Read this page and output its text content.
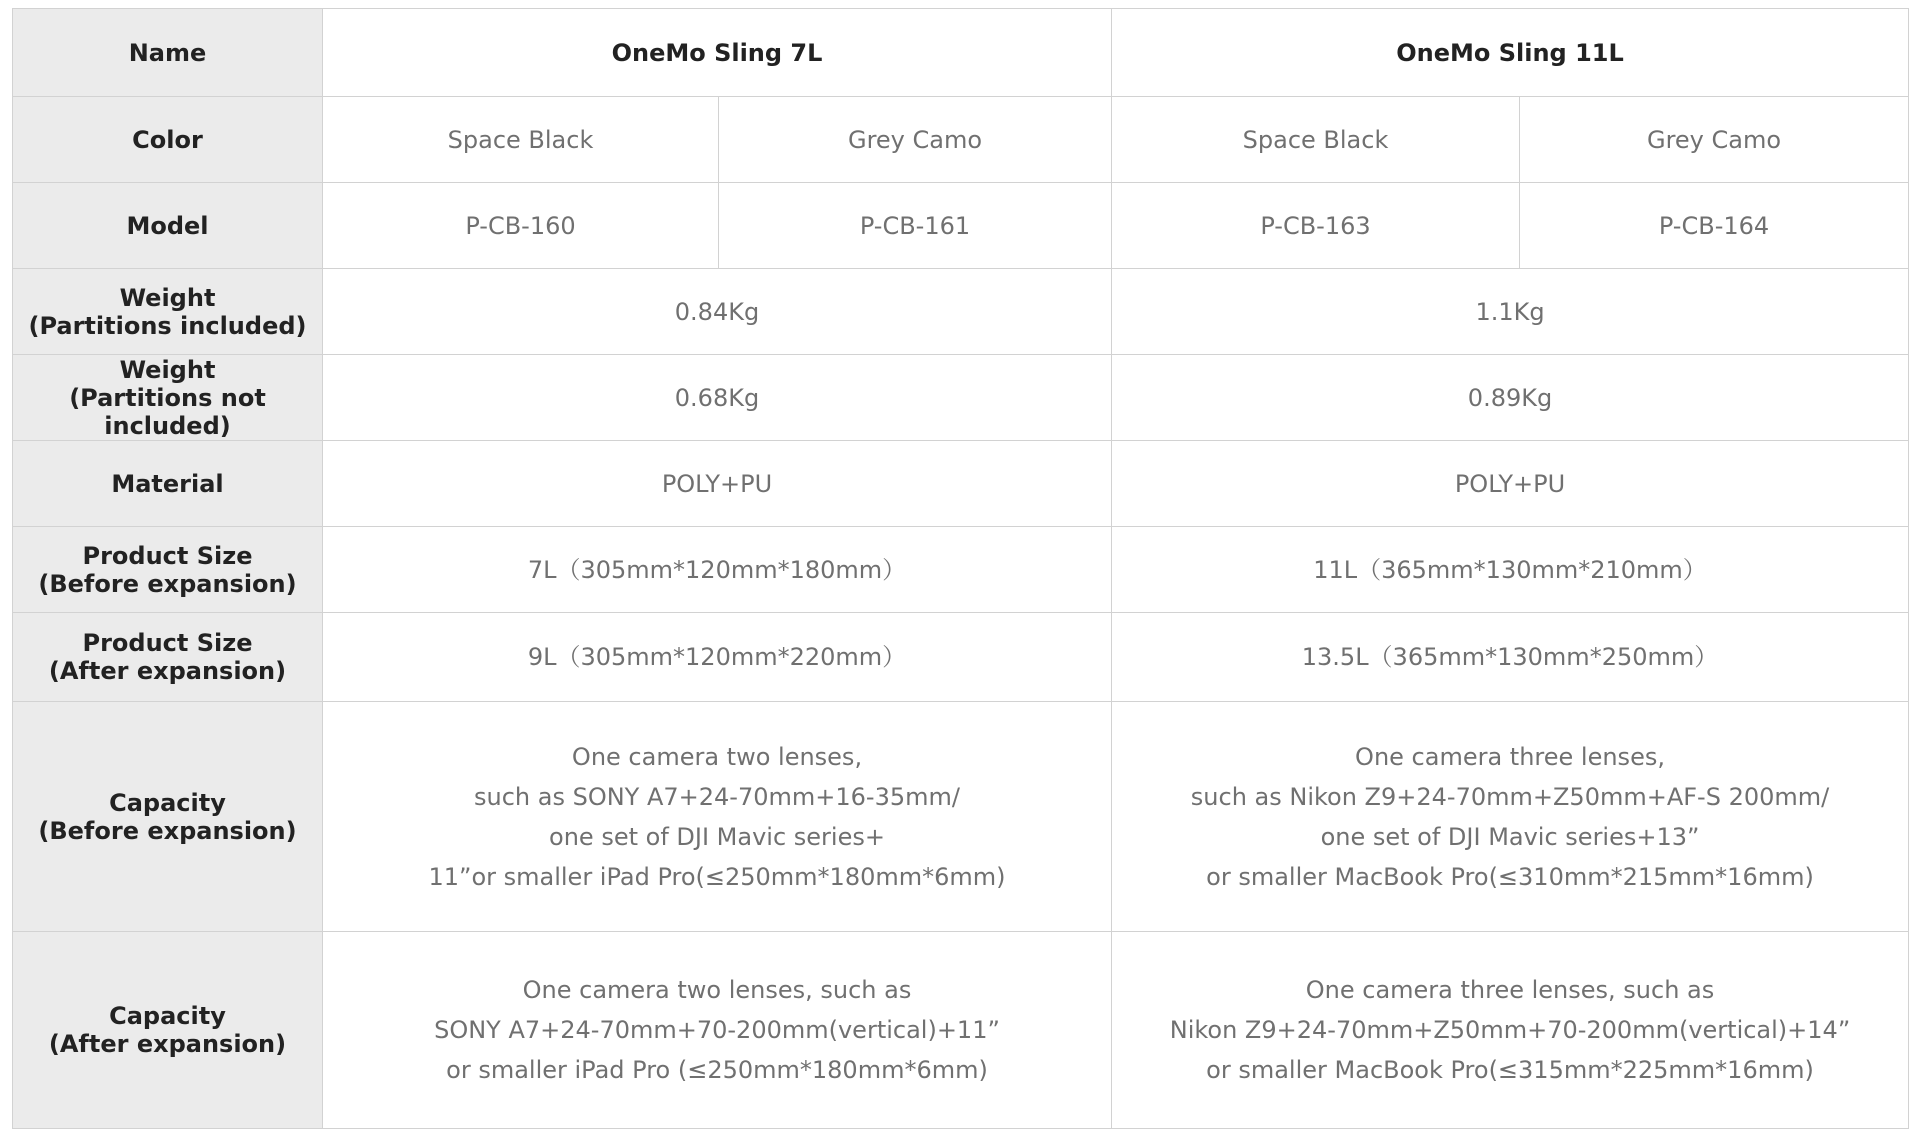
Name	OneMo Sling 7L		OneMo Sling 11L	
Color	Space Black	Grey Camo	Space Black	Grey Camo
Model	P-CB-160	P-CB-161	P-CB-163	P-CB-164

Weight
(Partitions included)	0.84Kg		1.1Kg	

Weight
(Partitions not included)	0.68Kg		0.89Kg	
Material	POLY+PU		POLY+PU	

Product Size
(Before expansion)	7L（305mm*120mm*180mm）		11L（365mm*130mm*210mm）	

Product Size
(After expansion)	9L（305mm*120mm*220mm）		13.5L（365mm*130mm*250mm）	

Capacity
(Before expansion)	One camera two lenses,
such as SONY A7+24-70mm+16-35mm/
one set of DJI Mavic series+
11”or smaller iPad Pro(≤250mm*180mm*6mm)		One camera three lenses,
such as Nikon Z9+24-70mm+Z50mm+AF-S 200mm/
one set of DJI Mavic series+13”
or smaller MacBook Pro(≤310mm*215mm*16mm)	

Capacity
(After expansion)	One camera two lenses, such as
SONY A7+24-70mm+70-200mm(vertical)+11”
or smaller iPad Pro (≤250mm*180mm*6mm)		One camera three lenses, such as
Nikon Z9+24-70mm+Z50mm+70-200mm(vertical)+14”
or smaller MacBook Pro(≤315mm*225mm*16mm)	
